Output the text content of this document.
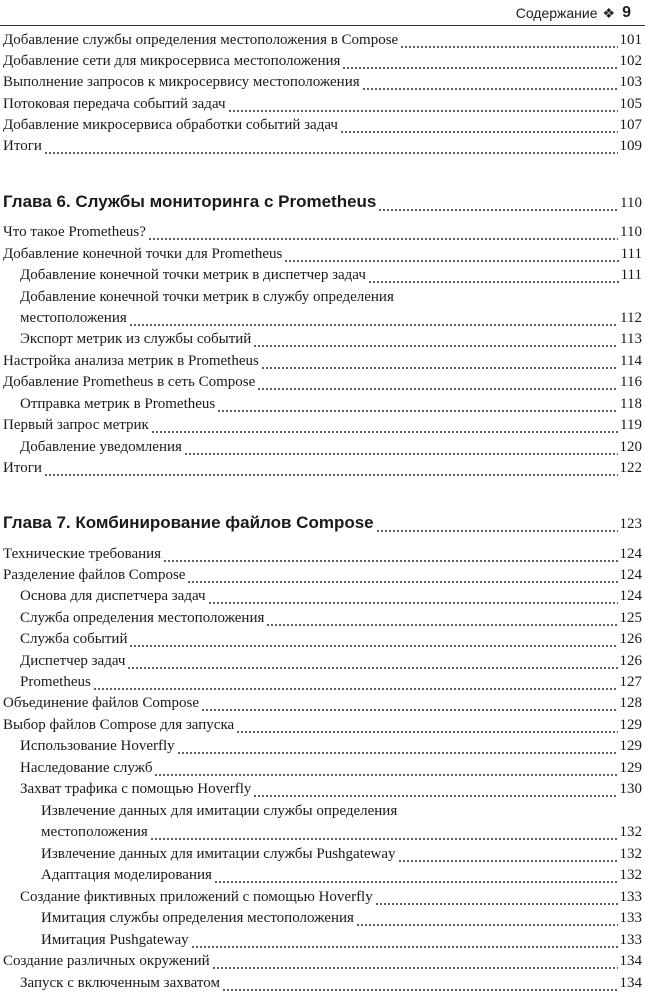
Содержание ❖ 9
Добавление службы определения местоположения в Compose	101
Добавление сети для микросервиса местоположения	102
Выполнение запросов к микросервису местоположения	103
Потоковая передача событий задач	105
Добавление микросервиса обработки событий задач	107
Итоги	109
Глава 6. Службы мониторинга с Prometheus	110
Что такое Prometheus?	110
Добавление конечной точки для Prometheus	111
Добавление конечной точки метрик в диспетчер задач	111
Добавление конечной точки метрик в службу определения
местоположения	112
Экспорт метрик из службы событий	113
Настройка анализа метрик в Prometheus	114
Добавление Prometheus в сеть Compose	116
Отправка метрик в Prometheus	118
Первый запрос метрик	119
Добавление уведомления	120
Итоги	122
Глава 7. Комбинирование файлов Compose	123
Технические требования	124
Разделение файлов Compose	124
Основа для диспетчера задач	124
Служба определения местоположения	125
Служба событий	126
Диспетчер задач	126
Prometheus	127
Объединение файлов Compose	128
Выбор файлов Compose для запуска	129
Использование Hoverfly	129
Наследование служб	129
Захват трафика с помощью Hoverfly	130
Извлечение данных для имитации службы определения
местоположения	132
Извлечение данных для имитации службы Pushgateway	132
Адаптация моделирования	132
Создание фиктивных приложений с помощью Hoverfly	133
Имитация службы определения местоположения	133
Имитация Pushgateway	133
Создание различных окружений	134
Запуск с включенным захватом	134
